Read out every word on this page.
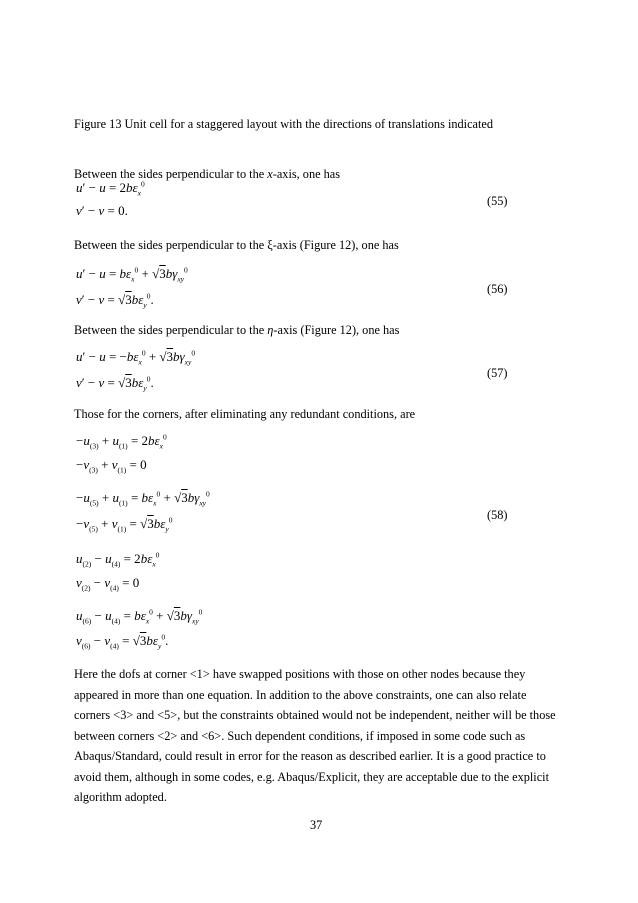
Figure 13 Unit cell for a staggered layout with the directions of translations indicated
Between the sides perpendicular to the x-axis, one has
$u' - u = 2b\varepsilon_x^0$
v′ − v = 0.
(55)
Between the sides perpendicular to the ξ-axis (Figure 12), one has
$u' - u = b\varepsilon_x^0 + √3b\gamma_{xy}^0$
$v' - v = √3b\varepsilon_y^0$.
(56)
Between the sides perpendicular to the η-axis (Figure 12), one has
$u' - u = -b\varepsilon_x^0 + √3b\gamma_{xy}^0$
$v' - v = √3b\varepsilon_y^0$.
(57)
Those for the corners, after eliminating any redundant conditions, are
$-u_{(3)} + u_{(1)} = 2b\varepsilon_x^0$
$-v_{(3)} + v_{(1)} = 0$
$-u_{(5)} + u_{(1)} = b\varepsilon_x^0 + √3b\gamma_{xy}^0$
$-v_{(5)} + v_{(1)} = √3b\varepsilon_y^0$	(58)
$u_{(2)} - u_{(4)} = 2b\varepsilon_x^0$
$v_{(2)} - v_{(4)} = 0$
$u_{(6)} - u_{(4)} = b\varepsilon_x^0 + √3b\gamma_{xy}^0$
$v_{(6)} - v_{(4)} = √3b\varepsilon_y^0$.
Here the dofs at corner <1> have swapped positions with those on other nodes because they appeared in more than one equation. In addition to the above constraints, one can also relate corners <3> and <5>, but the constraints obtained would not be independent, neither will be those between corners <2> and <6>. Such dependent conditions, if imposed in some code such as Abaqus/Standard, could result in error for the reason as described earlier. It is a good practice to avoid them, although in some codes, e.g. Abaqus/Explicit, they are acceptable due to the explicit algorithm adopted.
37
